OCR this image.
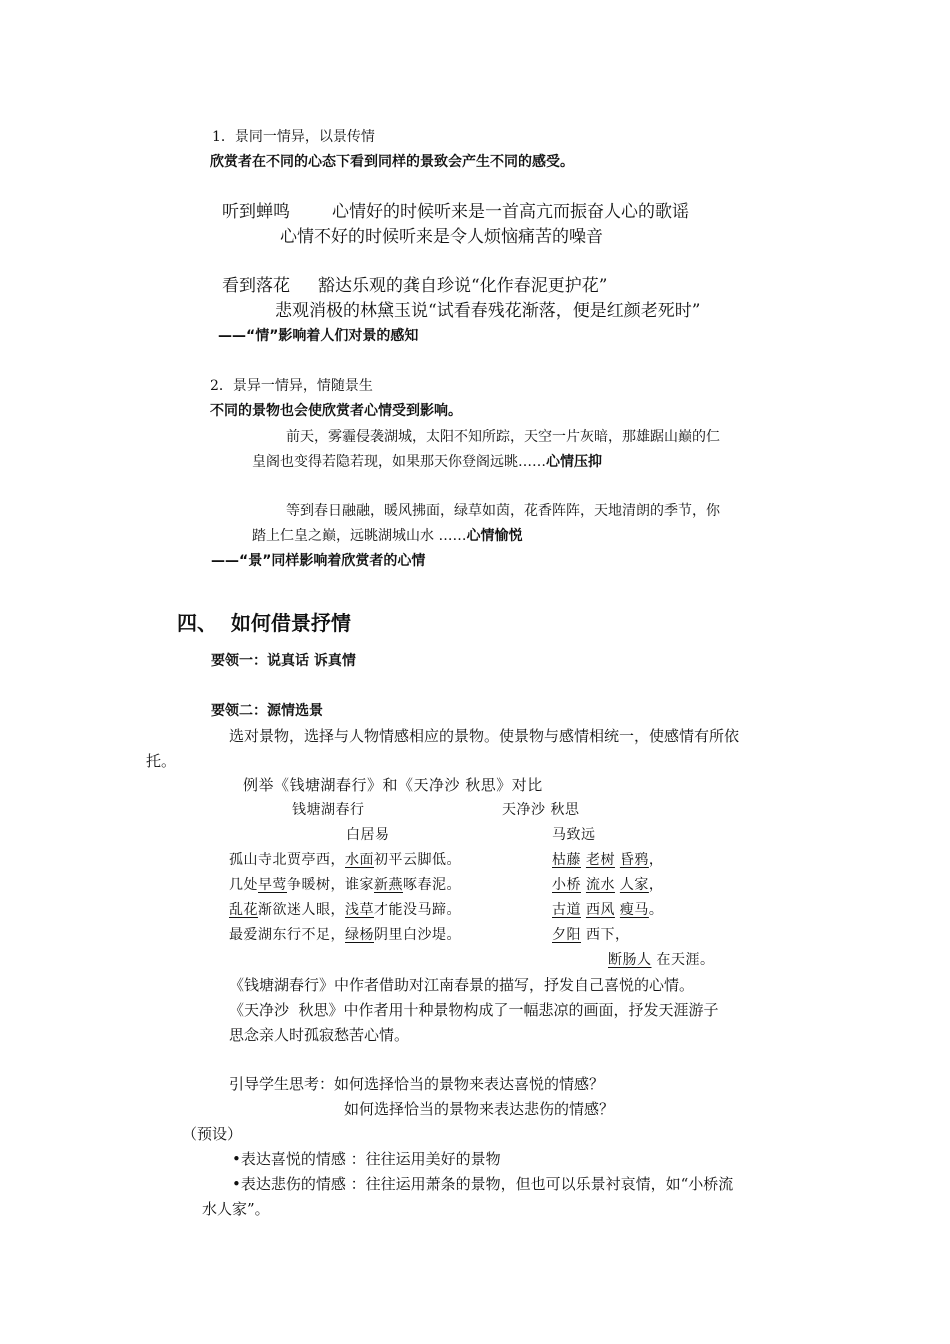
1．景同一情异，以景传情
欣赏者在不同的心态下看到同样的景致会产生不同的感受。
听到蝉鸣 心情好的时候听来是一首高亢而振奋人心的歌谣
心情不好的时候听来是令人烦恼痛苦的噪音
看到落花 豁达乐观的龚自珍说“化作春泥更护花”
悲观消极的林黛玉说“试看春残花渐落，便是红颜老死时”
——“情”影响着人们对景的感知
2．景异一情异，情随景生
不同的景物也会使欣赏者心情受到影响。
前天，雾霾侵袭湖城，太阳不知所踪，天空一片灰暗，那雄踞山巅的仁
皇阁也变得若隐若现，如果那天你登阁远眺……心情压抑
等到春日融融，暖风拂面，绿草如茵，花香阵阵，天地清朗的季节，你
踏上仁皇之巅，远眺湖城山水 ……心情愉悦
——“景”同样影响着欣赏者的心情
四、  如何借景抒情
要领一：说真话 诉真情
要领二：源情选景
选对景物，选择与人物情感相应的景物。使景物与感情相统一，使感情有所依
托。
例举《钱塘湖春行》和《天净沙 秋思》对比
钱塘湖春行
白居易
孤山寺北贾亭西，水面初平云脚低。
几处早莺争暖树，谁家新燕啄春泥。
乱花渐欲迷人眼，浅草才能没马蹄。
最爱湖东行不足，绿杨阴里白沙堤。
天净沙 秋思
马致远
枯藤 老树 昏鸦，
小桥 流水 人家，
古道 西风 瘦马。
夕阳 西下，
断肠人 在天涯。
《钱塘湖春行》中作者借助对江南春景的描写，抒发自己喜悦的心情。
《天净沙  秋思》中作者用十种景物构成了一幅悲凉的画面，抒发天涯游子
思念亲人时孤寂愁苦心情。
引导学生思考：如何选择恰当的景物来表达喜悦的情感？
如何选择恰当的景物来表达悲伤的情感？
（预设）
•表达喜悦的情感 ：往往运用美好的景物
•表达悲伤的情感 ：往往运用萧条的景物，但也可以乐景衬哀情，如“小桥流
水人家”。
